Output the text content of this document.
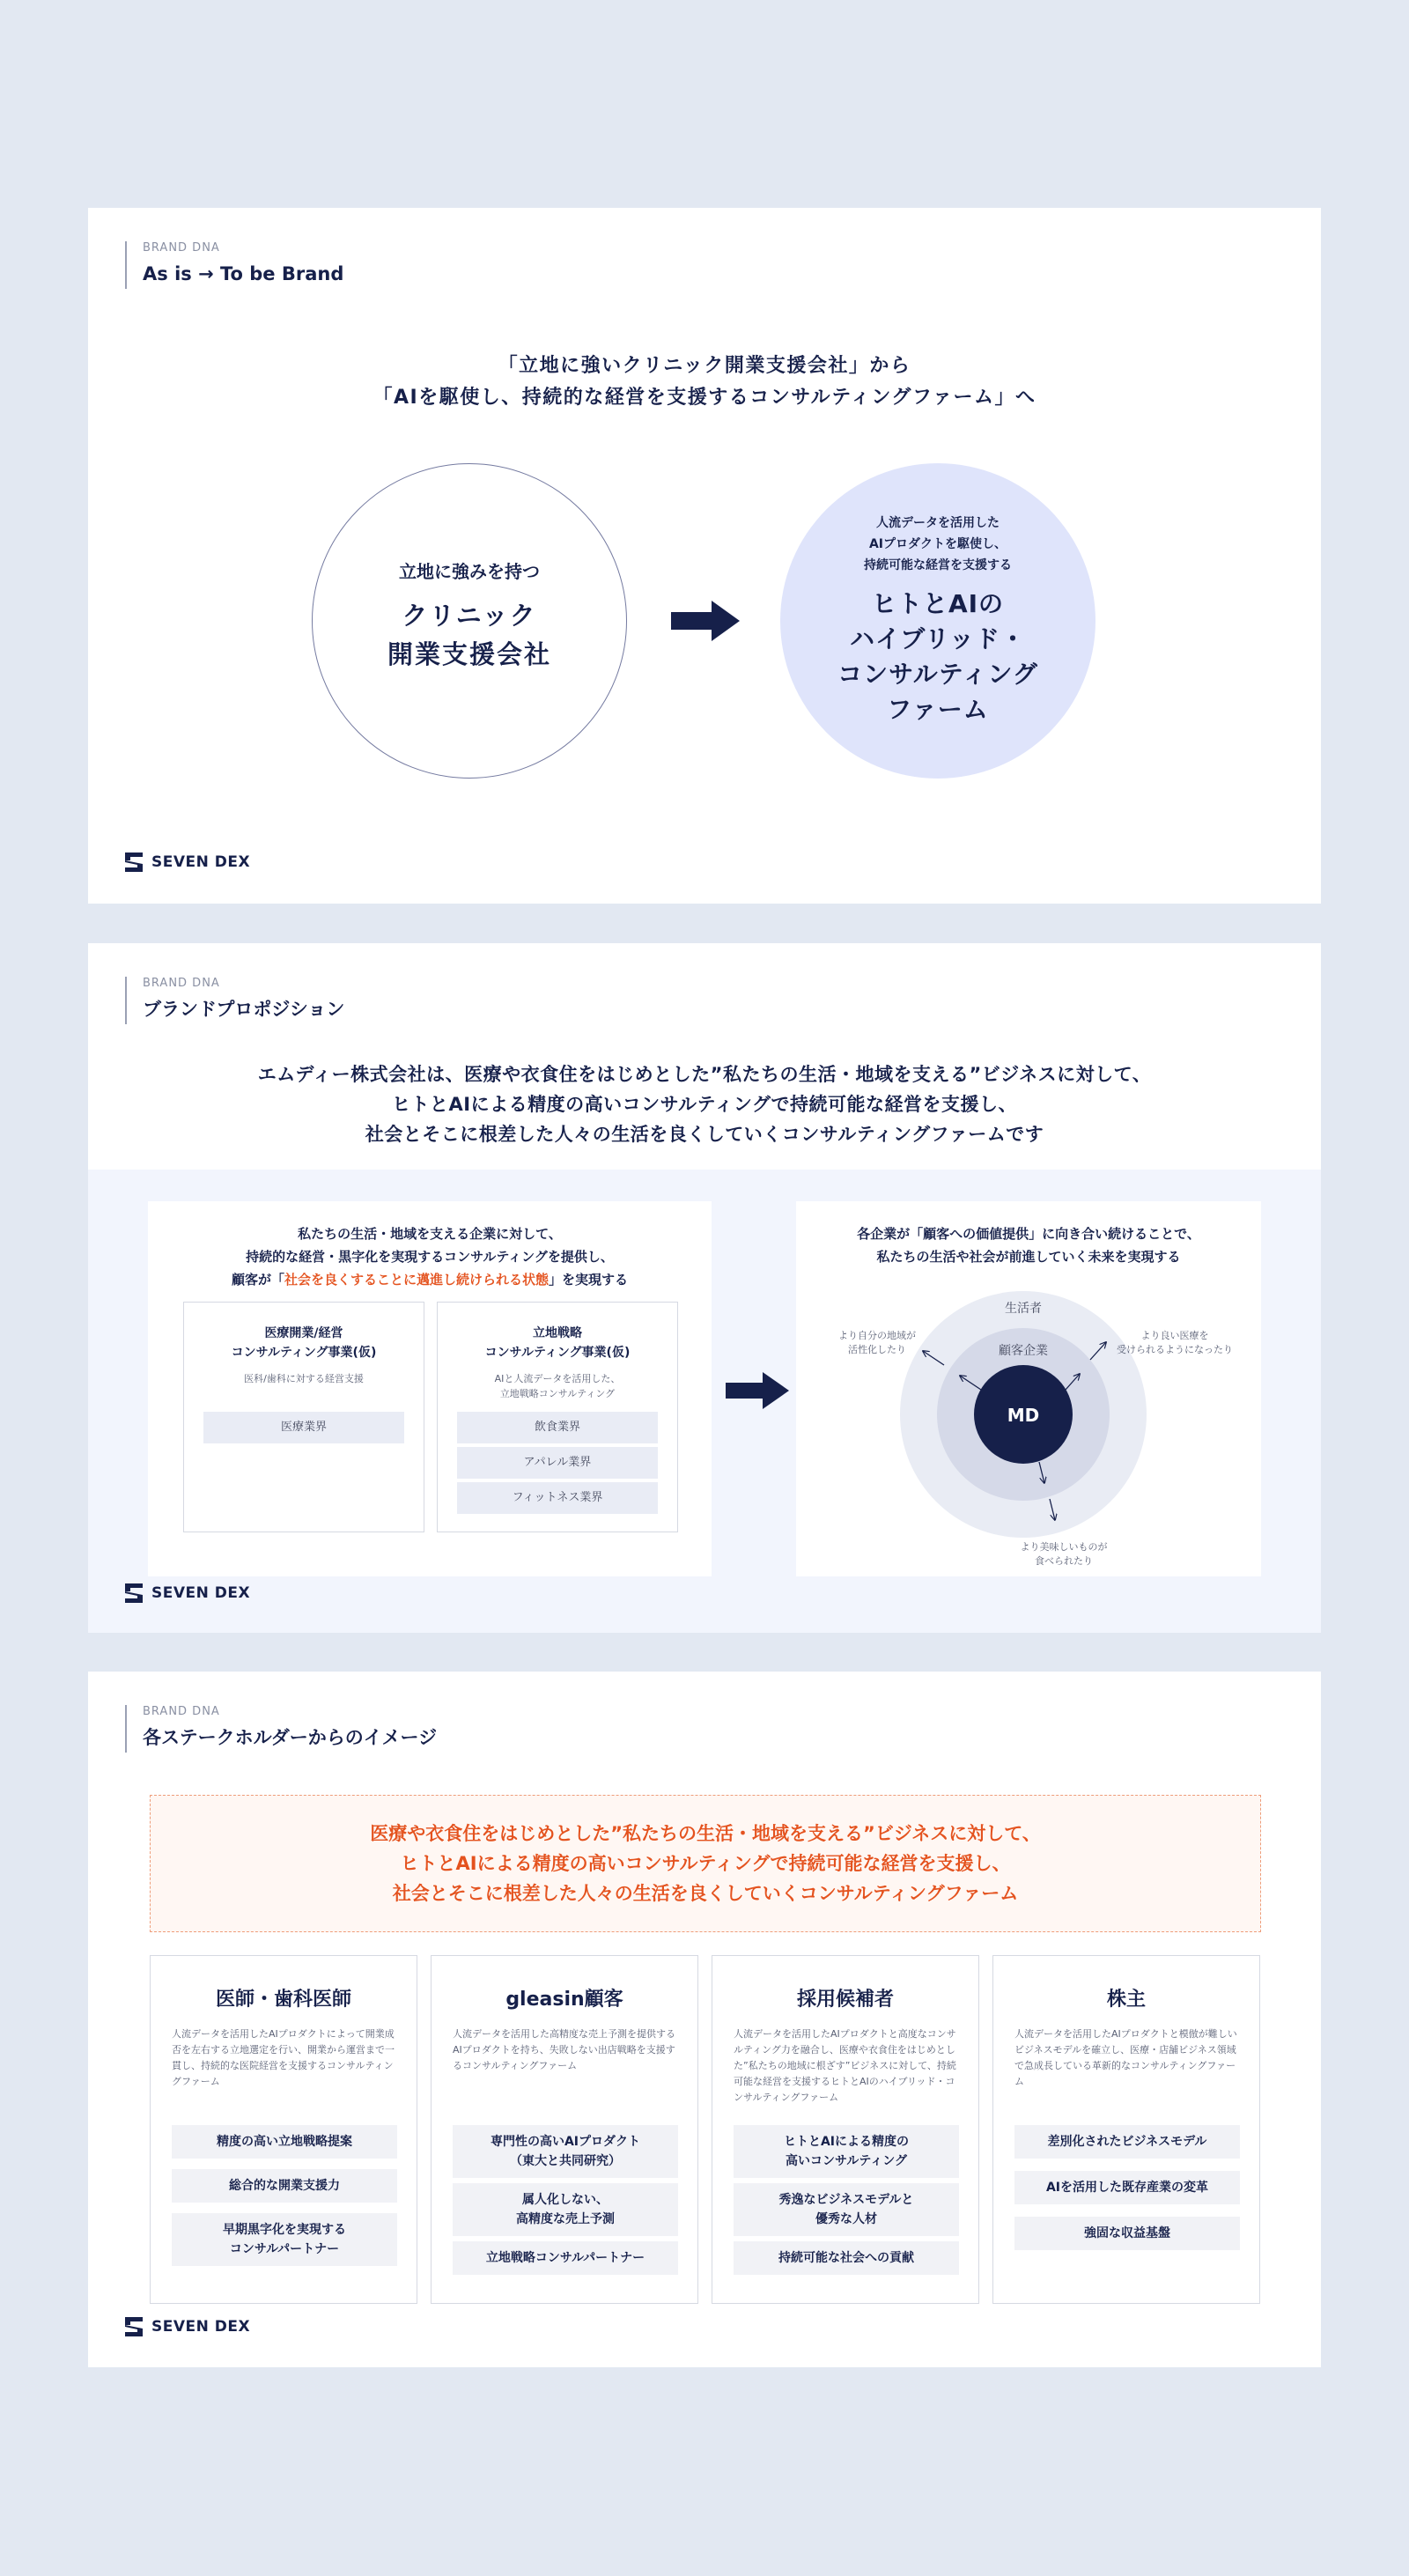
BRAND DNA
As is → To be Brand
「立地に強いクリニック開業支援会社」から
「AIを駆使し、持続的な経営を支援するコンサルティングファーム」へ
立地に強みを持つ
クリニック
開業支援会社
人流データを活用した
AIプロダクトを駆使し、
持続可能な経営を支援する
ヒトとAIの
ハイブリッド・
コンサルティング
ファーム
SEVEN DEX
BRAND DNA
ブランドプロポジション
エムディー株式会社は、医療や衣食住をはじめとした”私たちの生活・地域を支える”ビジネスに対して、
ヒトとAIによる精度の高いコンサルティングで持続可能な経営を支援し、
社会とそこに根差した人々の生活を良くしていくコンサルティングファームです
私たちの生活・地域を支える企業に対して、
持続的な経営・黒字化を実現するコンサルティングを提供し、
顧客が「社会を良くすることに邁進し続けられる状態」を実現する
医療開業/経営
コンサルティング事業(仮)
医科/歯科に対する経営支援
医療業界
立地戦略
コンサルティング事業(仮)
AIと人流データを活用した、
立地戦略コンサルティング
飲食業界
アパレル業界
フィットネス業界
各企業が「顧客への価値提供」に向き合い続けることで、
私たちの生活や社会が前進していく未来を実現する
生活者
顧客企業
MD
より自分の地域が
活性化したり
より良い医療を
受けられるようになったり
より美味しいものが
食べられたり
SEVEN DEX
BRAND DNA
各ステークホルダーからのイメージ
医療や衣食住をはじめとした”私たちの生活・地域を支える”ビジネスに対して、
ヒトとAIによる精度の高いコンサルティングで持続可能な経営を支援し、
社会とそこに根差した人々の生活を良くしていくコンサルティングファーム
医師・歯科医師
人流データを活用したAIプロダクトによって開業成否を左右する立地選定を行い、開業から運営まで一貫し、持続的な医院経営を支援するコンサルティングファーム
精度の高い立地戦略提案
総合的な開業支援力
早期黒字化を実現する
コンサルパートナー
gleasin顧客
人流データを活用した高精度な売上予測を提供するAIプロダクトを持ち、失敗しない出店戦略を支援するコンサルティングファーム
専門性の高いAIプロダクト
（東大と共同研究）
属人化しない、
高精度な売上予測
立地戦略コンサルパートナー
採用候補者
人流データを活用したAIプロダクトと高度なコンサルティング力を融合し、医療や衣食住をはじめとした”私たちの地域に根ざす”ビジネスに対して、持続可能な経営を支援するヒトとAIのハイブリッド・コンサルティングファーム
ヒトとAIによる精度の
高いコンサルティング
秀逸なビジネスモデルと
優秀な人材
持続可能な社会への貢献
株主
人流データを活用したAIプロダクトと模倣が難しいビジネスモデルを確立し、医療・店舗ビジネス領域で急成長している革新的なコンサルティングファーム
差別化されたビジネスモデル
AIを活用した既存産業の変革
強固な収益基盤
SEVEN DEX
